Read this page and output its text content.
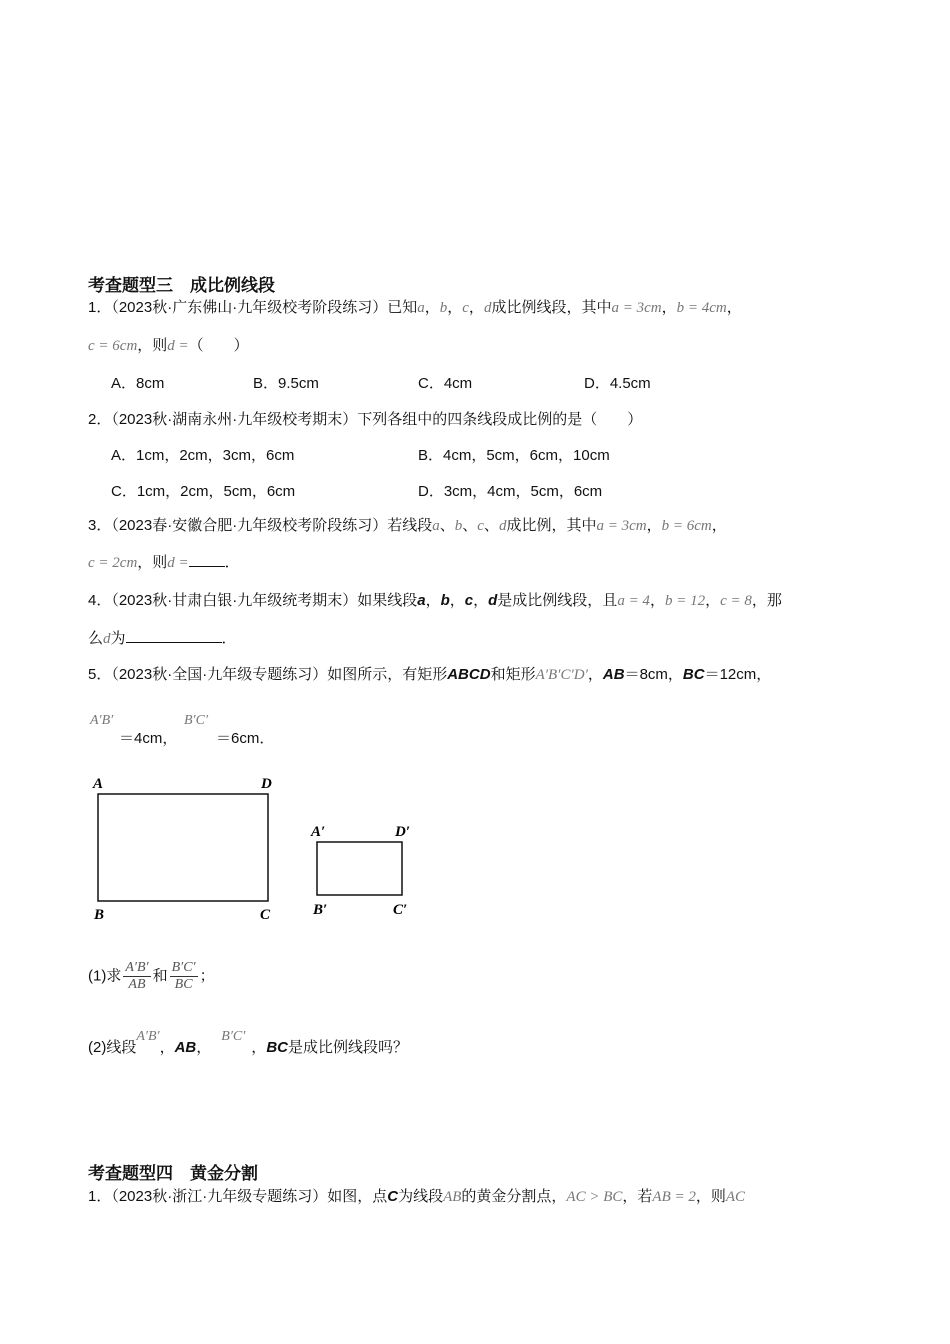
考查题型三　成比例线段
1．（2023秋·广东佛山·九年级校考阶段练习）已知a，b，c，d成比例线段，其中a = 3cm，b = 4cm，
c = 6cm，则d =（　　）
A．8cm	B．9.5cm	C．4cm	D．4.5cm
2．（2023秋·湖南永州·九年级校考期末）下列各组中的四条线段成比例的是（　　）
A．1cm，2cm，3cm，6cm	B．4cm，5cm，6cm，10cm
C．1cm，2cm，5cm，6cm	D．3cm，4cm，5cm，6cm
3．（2023春·安徽合肥·九年级校考阶段练习）若线段a、b、c、d成比例，其中a = 3cm，b = 6cm，
c = 2cm，则d = ．
4．（2023秋·甘肃白银·九年级统考期末）如果线段a，b，c，d是成比例线段，且a = 4，b = 12，c = 8，那
么d为	．
5．（2023秋·全国·九年级专题练习）如图所示，有矩形ABCD和矩形A′B′C′D′，AB＝8cm，BC＝12cm，
A′B′
＝4cm，
B′C′
＝6cm．
A	D
B	C
A′	D′
B′	C′
(1)求 $\frac{A'B'}{AB}$ 和 $\frac{B'C'}{BC}$ ；
(2)线段A′B′，AB，B′C′，BC是成比例线段吗？
考查题型四　黄金分割
1．（2023秋·浙江·九年级专题练习）如图，点C为线段AB的黄金分割点，AC > BC，若AB = 2，则AC
